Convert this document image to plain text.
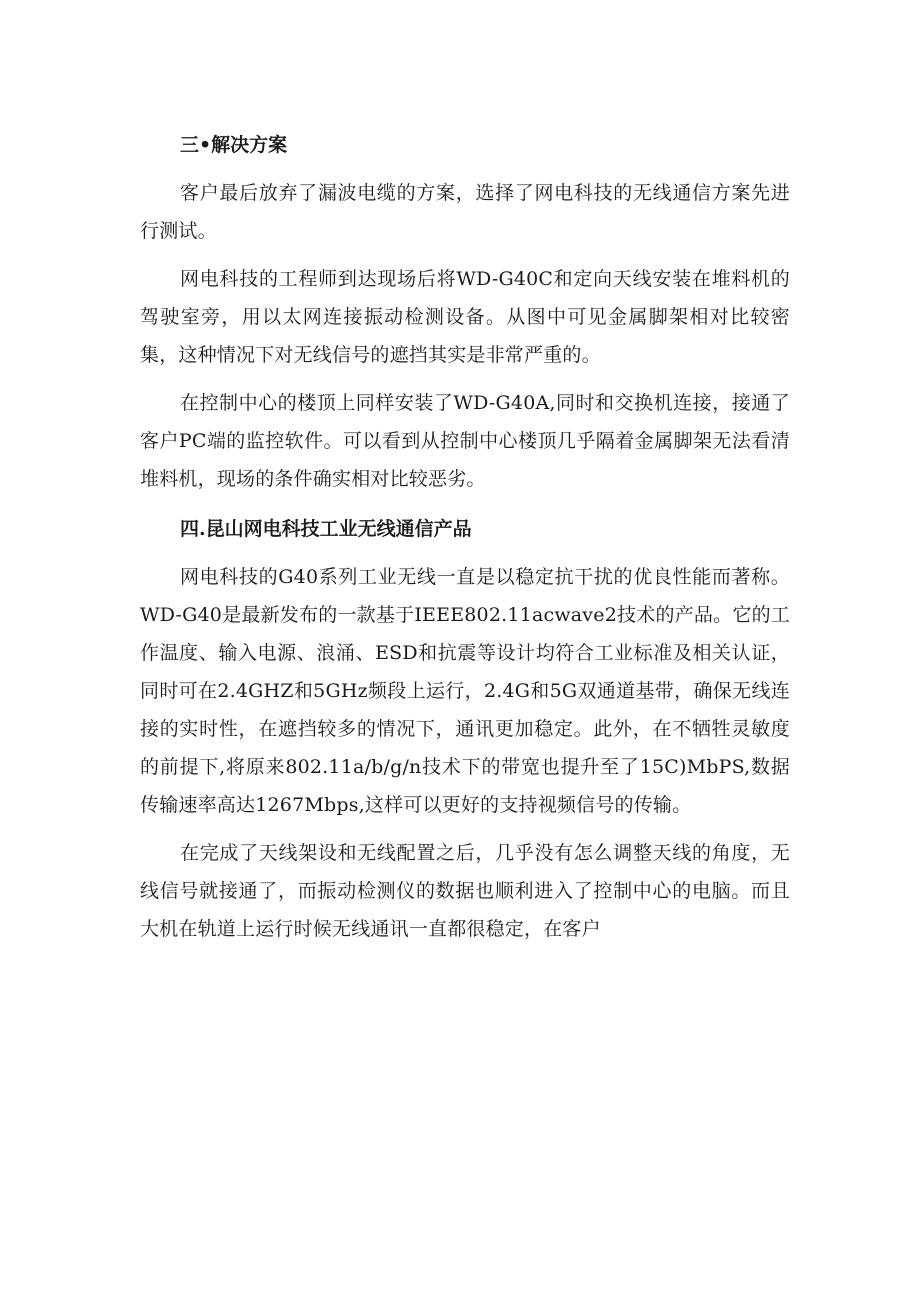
三•解决方案

客户最后放弃了漏波电缆的方案，选择了网电科技的无线通信方案先进行测试。

网电科技的工程师到达现场后将WD-G40C和定向天线安装在堆料机的驾驶室旁，用以太网连接振动检测设备。从图中可见金属脚架相对比较密集，这种情况下对无线信号的遮挡其实是非常严重的。

在控制中心的楼顶上同样安装了WD-G40A,同时和交换机连接，接通了客户PC端的监控软件。可以看到从控制中心楼顶几乎隔着金属脚架无法看清堆料机，现场的条件确实相对比较恶劣。

四.昆山网电科技工业无线通信产品

网电科技的G40系列工业无线一直是以稳定抗干扰的优良性能而著称。WD-G40是最新发布的一款基于IEEE802.11acwave2技术的产品。它的工作温度、输入电源、浪涌、ESD和抗震等设计均符合工业标准及相关认证，同时可在2.4GHZ和5GHz频段上运行，2.4G和5G双通道基带，确保无线连接的实时性，在遮挡较多的情况下，通讯更加稳定。此外，在不牺牲灵敏度的前提下,将原来802.11a/b/g/n技术下的带宽也提升至了15C)MbPS,数据传输速率高达1267Mbps,这样可以更好的支持视频信号的传输。

在完成了天线架设和无线配置之后，几乎没有怎么调整天线的角度，无线信号就接通了，而振动检测仪的数据也顺利进入了控制中心的电脑。而且大机在轨道上运行时候无线通讯一直都很稳定，在客户
